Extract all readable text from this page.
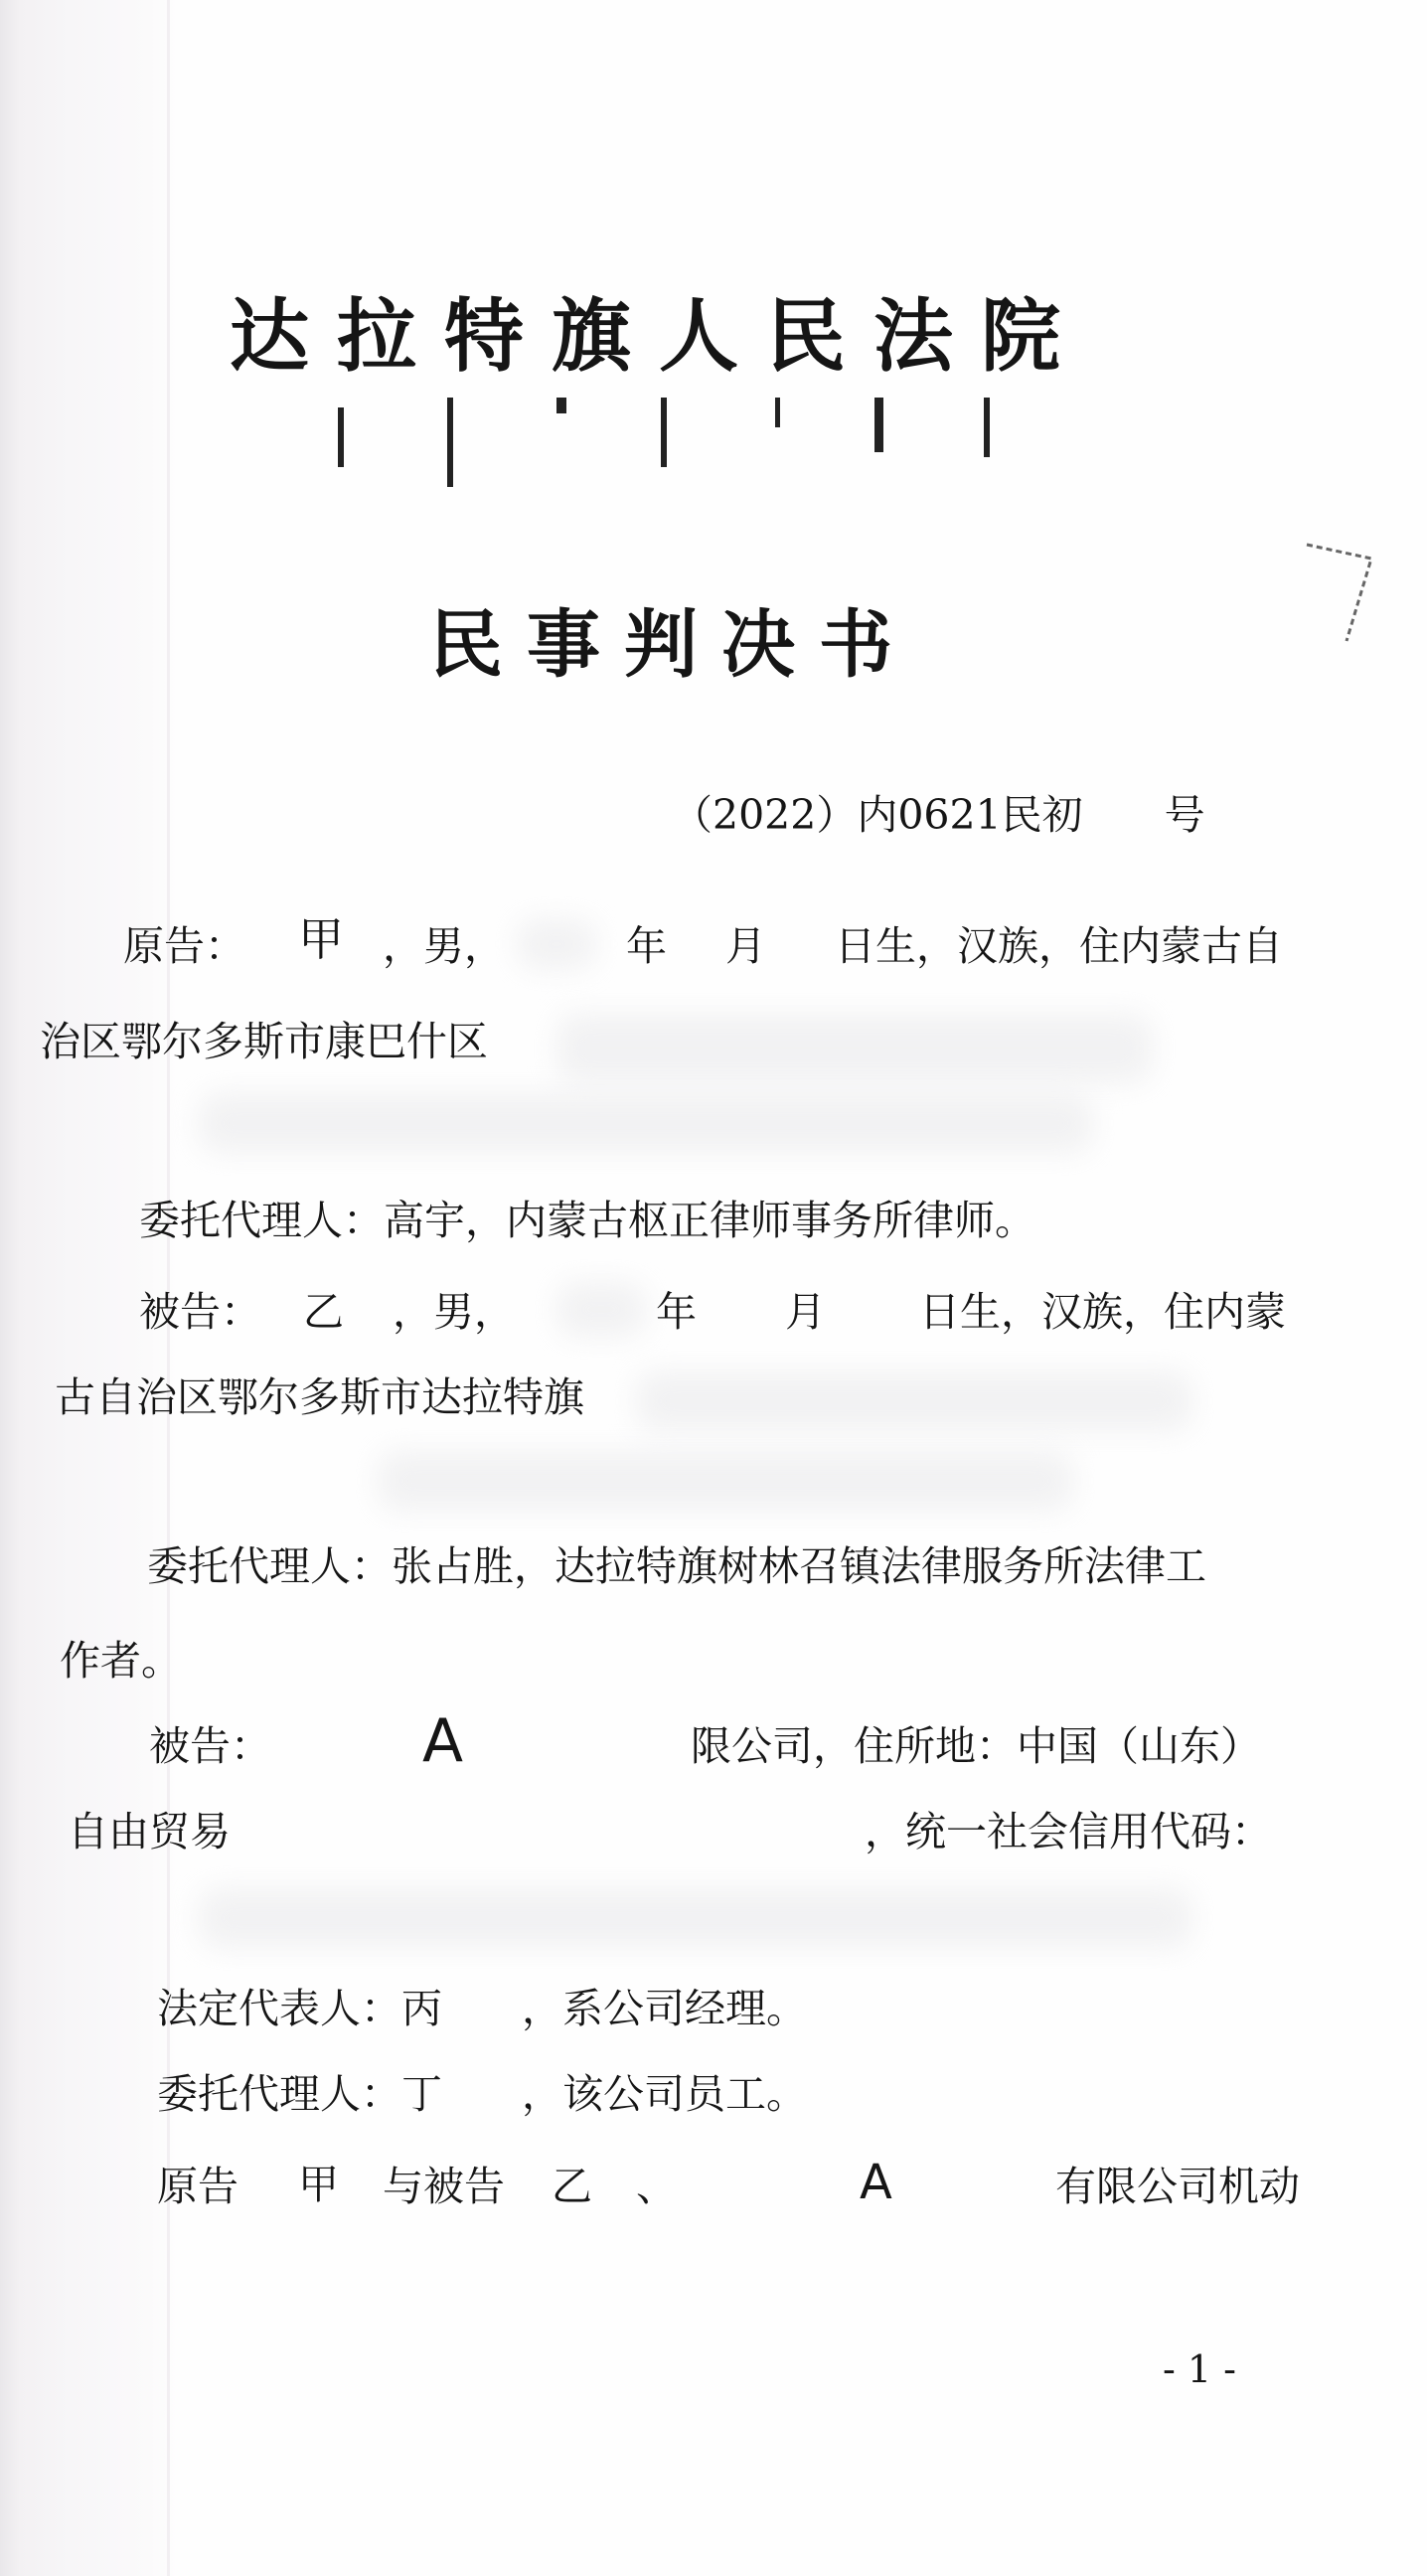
达拉特旗人民法院
民事判决书
（2022）内0621民初　　号
原告： 甲 ，男，	年 月 日生，汉族，住内蒙古自
治区鄂尔多斯市康巴什区
委托代理人：高宇，内蒙古枢正律师事务所律师。
被告： 乙 ，男，	年 月 日生，汉族，住内蒙
古自治区鄂尔多斯市达拉特旗
委托代理人：张占胜，达拉特旗树林召镇法律服务所法律工
作者。
被告：	A	限公司，住所地：中国（山东）
自由贸易	，统一社会信用代码：
法定代表人：丙 ，系公司经理。
委托代理人：丁 ，该公司员工。
原告 甲 与被告 乙 、	A	有限公司机动
- 1 -
